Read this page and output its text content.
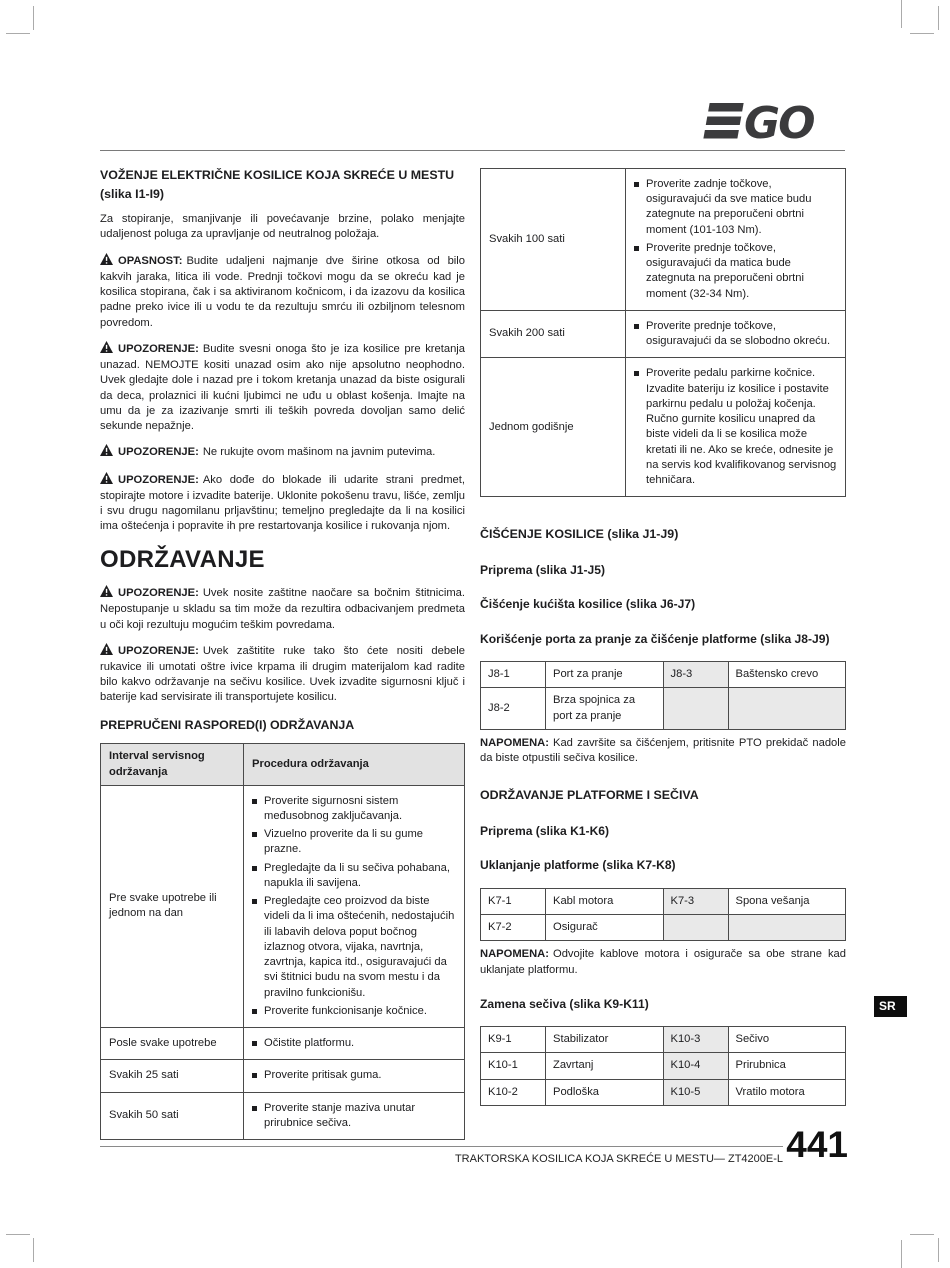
GO
VOŽENJE ELEKTRIČNE KOSILICE KOJA SKREĆE U MESTU (slika I1-I9)

Za stopiranje, smanjivanje ili povećavanje brzine, polako menjajte udaljenost poluga za upravljanje od neutralnog položaja.

OPASNOST: Budite udaljeni najmanje dve širine otkosa od bilo kakvih jaraka, litica ili vode. Prednji točkovi mogu da se okreću kad je kosilica stopirana, čak i sa aktiviranom kočnicom, i da izazovu da kosilica padne preko ivice ili u vodu te da rezultuju smrću ili ozbiljnom telesnom povredom.

UPOZORENJE: Budite svesni onoga što je iza kosilice pre kretanja unazad. NEMOJTE kositi unazad osim ako nije apsolutno neophodno. Uvek gledajte dole i nazad pre i tokom kretanja unazad da biste osigurali da deca, prolaznici ili kućni ljubimci ne uđu u oblast košenja. Imajte na umu da je za izazivanje smrti ili teških povreda dovoljan samo delić sekunde nepažnje.

UPOZORENJE: Ne rukujte ovom mašinom na javnim putevima.

UPOZORENJE: Ako dođe do blokade ili udarite strani predmet, stopirajte motore i izvadite baterije. Uklonite pokošenu travu, lišće, zemlju i svu drugu nagomilanu prljavštinu; temeljno pregledajte da li na kosilici ima oštećenja i popravite ih pre restartovanja kosilice i rukovanja njom.

ODRŽAVANJE

UPOZORENJE: Uvek nosite zaštitne naočare sa bočnim štitnicima. Nepostupanje u skladu sa tim može da rezultira odbacivanjem predmeta u oči koji rezultuju mogućim teškim povredama.

UPOZORENJE: Uvek zaštitite ruke tako što ćete nositi debele rukavice ili umotati oštre ivice krpama ili drugim materijalom kad radite bilo kakvo održavanje na sečivu kosilice. Uvek izvadite sigurnosni ključ i baterije kad servisirate ili transportujete kosilicu.

PREPRUČENI RASPORED(I) ODRŽAVANJA
Interval servisnog održavanja	Procedura održavanja
Pre svake upotrebe ili jednom na dan	Proverite sigurnosni sistem međusobnog zaključavanja.
Vizuelno proverite da li su gume prazne.
Pregledajte da li su sečiva pohabana, napukla ili savijena.
Pregledajte ceo proizvod da biste videli da li ima oštećenih, nedostajućih ili labavih delova poput bočnog izlaznog otvora, vijaka, navrtnja, zavrtnja, kapica itd., osiguravajući da svi štitnici budu na svom mestu i da pravilno funkcionišu.
Proverite funkcionisanje kočnice.

Posle svake upotrebe	Očistite platformu.

Svakih 25 sati	Proverite pritisak guma.

Svakih 50 sati	Proverite stanje maziva unutar prirubnice sečiva.
Svakih 100 sati	Proverite zadnje točkove, osiguravajući da sve matice budu zategnute na preporučeni obrtni moment (101-103 Nm).
Proverite prednje točkove, osiguravajući da matica bude zategnuta na preporučeni obrtni moment (32-34 Nm).

Svakih 200 sati	Proverite prednje točkove, osiguravajući da se slobodno okreću.

Jednom godišnje	Proverite pedalu parkirne kočnice. Izvadite bateriju iz kosilice i postavite parkirnu pedalu u položaj kočenja. Ručno gurnite kosilicu unapred da biste videli da li se kosilica može kretati ili ne. Ako se kreće, odnesite je na servis kod kvalifikovanog servisnog tehničara.
ČIŠĆENJE KOSILICE (slika J1-J9)
Priprema (slika J1-J5)
Čišćenje kućišta kosilice (slika J6-J7)
Korišćenje porta za pranje za čišćenje platforme (slika J8-J9)
J8-1	Port za pranje	J8-3	Baštensko crevo
J8-2	Brza spojnica za port za pranje		

NAPOMENA: Kad završite sa čišćenjem, pritisnite PTO prekidač nadole da biste otpustili sečiva kosilice.

ODRŽAVANJE PLATFORME I SEČIVA
Priprema (slika K1-K6)
Uklanjanje platforme (slika K7-K8)
K7-1	Kabl motora	K7-3	Spona vešanja
K7-2	Osigurač		

NAPOMENA: Odvojite kablove motora i osigurače sa obe strane kad uklanjate platformu.

Zamena sečiva (slika K9-K11)
K9-1	Stabilizator	K10-3	Sečivo
K10-1	Zavrtanj	K10-4	Prirubnica
K10-2	Podloška	K10-5	Vratilo motora
SR
TRAKTORSKA KOSILICA KOJA SKREĆE U MESTU— ZT4200E-L 441
